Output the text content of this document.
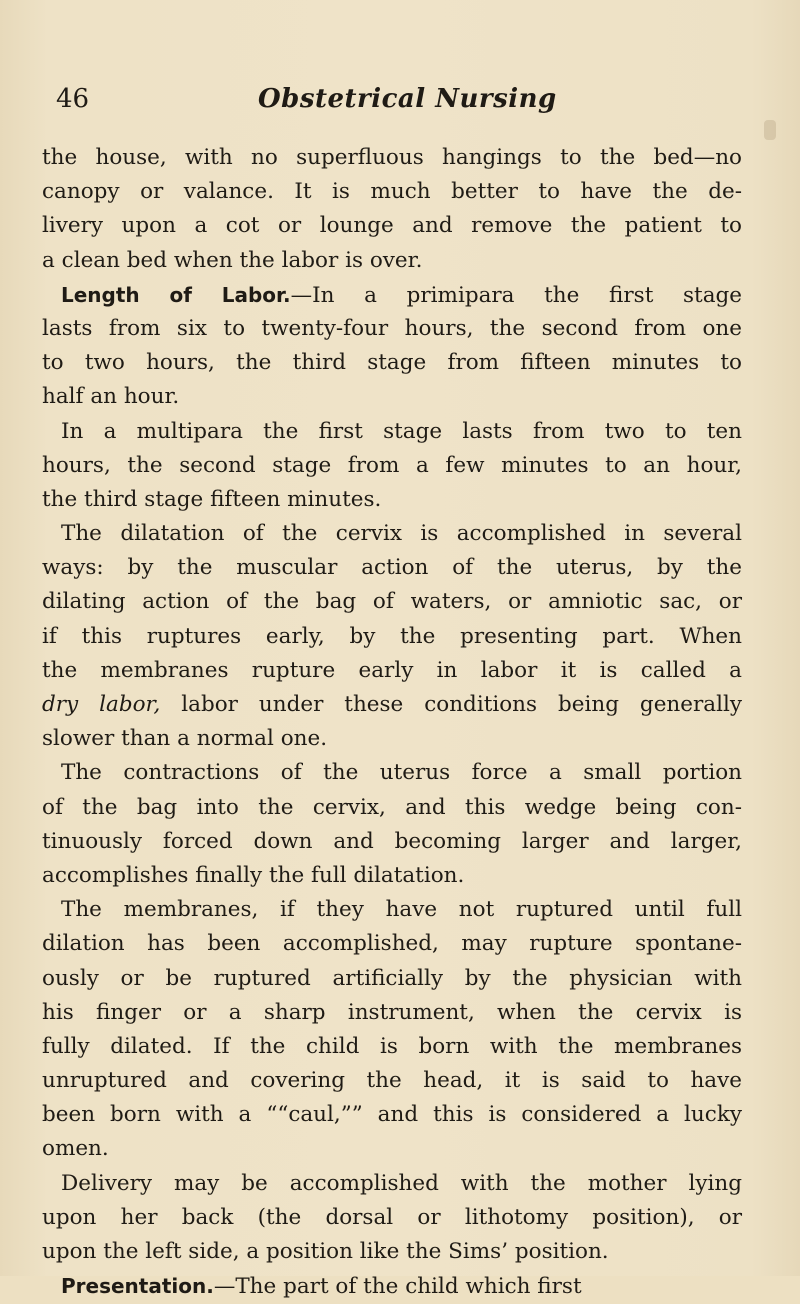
46	Obstetrical Nursing
the house, with no superfluous hangings to the bed—no
canopy or valance. It is much better to have the de-
livery upon a cot or lounge and remove the patient to
a clean bed when the labor is over.
Length of Labor.—In a primipara the first stage
lasts from six to twenty-four hours, the second from one
to two hours, the third stage from fifteen minutes to
half an hour.
In a multipara the first stage lasts from two to ten
hours, the second stage from a few minutes to an hour,
the third stage fifteen minutes.
The dilatation of the cervix is accomplished in several
ways: by the muscular action of the uterus, by the
dilating action of the bag of waters, or amniotic sac, or
if this ruptures early, by the presenting part. When
the membranes rupture early in labor it is called a
dry labor, labor under these conditions being generally
slower than a normal one.
The contractions of the uterus force a small portion
of the bag into the cervix, and this wedge being con-
tinuously forced down and becoming larger and larger,
accomplishes finally the full dilatation.
The membranes, if they have not ruptured until full
dilation has been accomplished, may rupture spontane-
ously or be ruptured artificially by the physician with
his finger or a sharp instrument, when the cervix is
fully dilated. If the child is born with the membranes
unruptured and covering the head, it is said to have
been born with a ““caul,”” and this is considered a lucky
omen.
Delivery may be accomplished with the mother lying
upon her back (the dorsal or lithotomy position), or
upon the left side, a position like the Sims’ position.
Presentation.—The part of the child which first
